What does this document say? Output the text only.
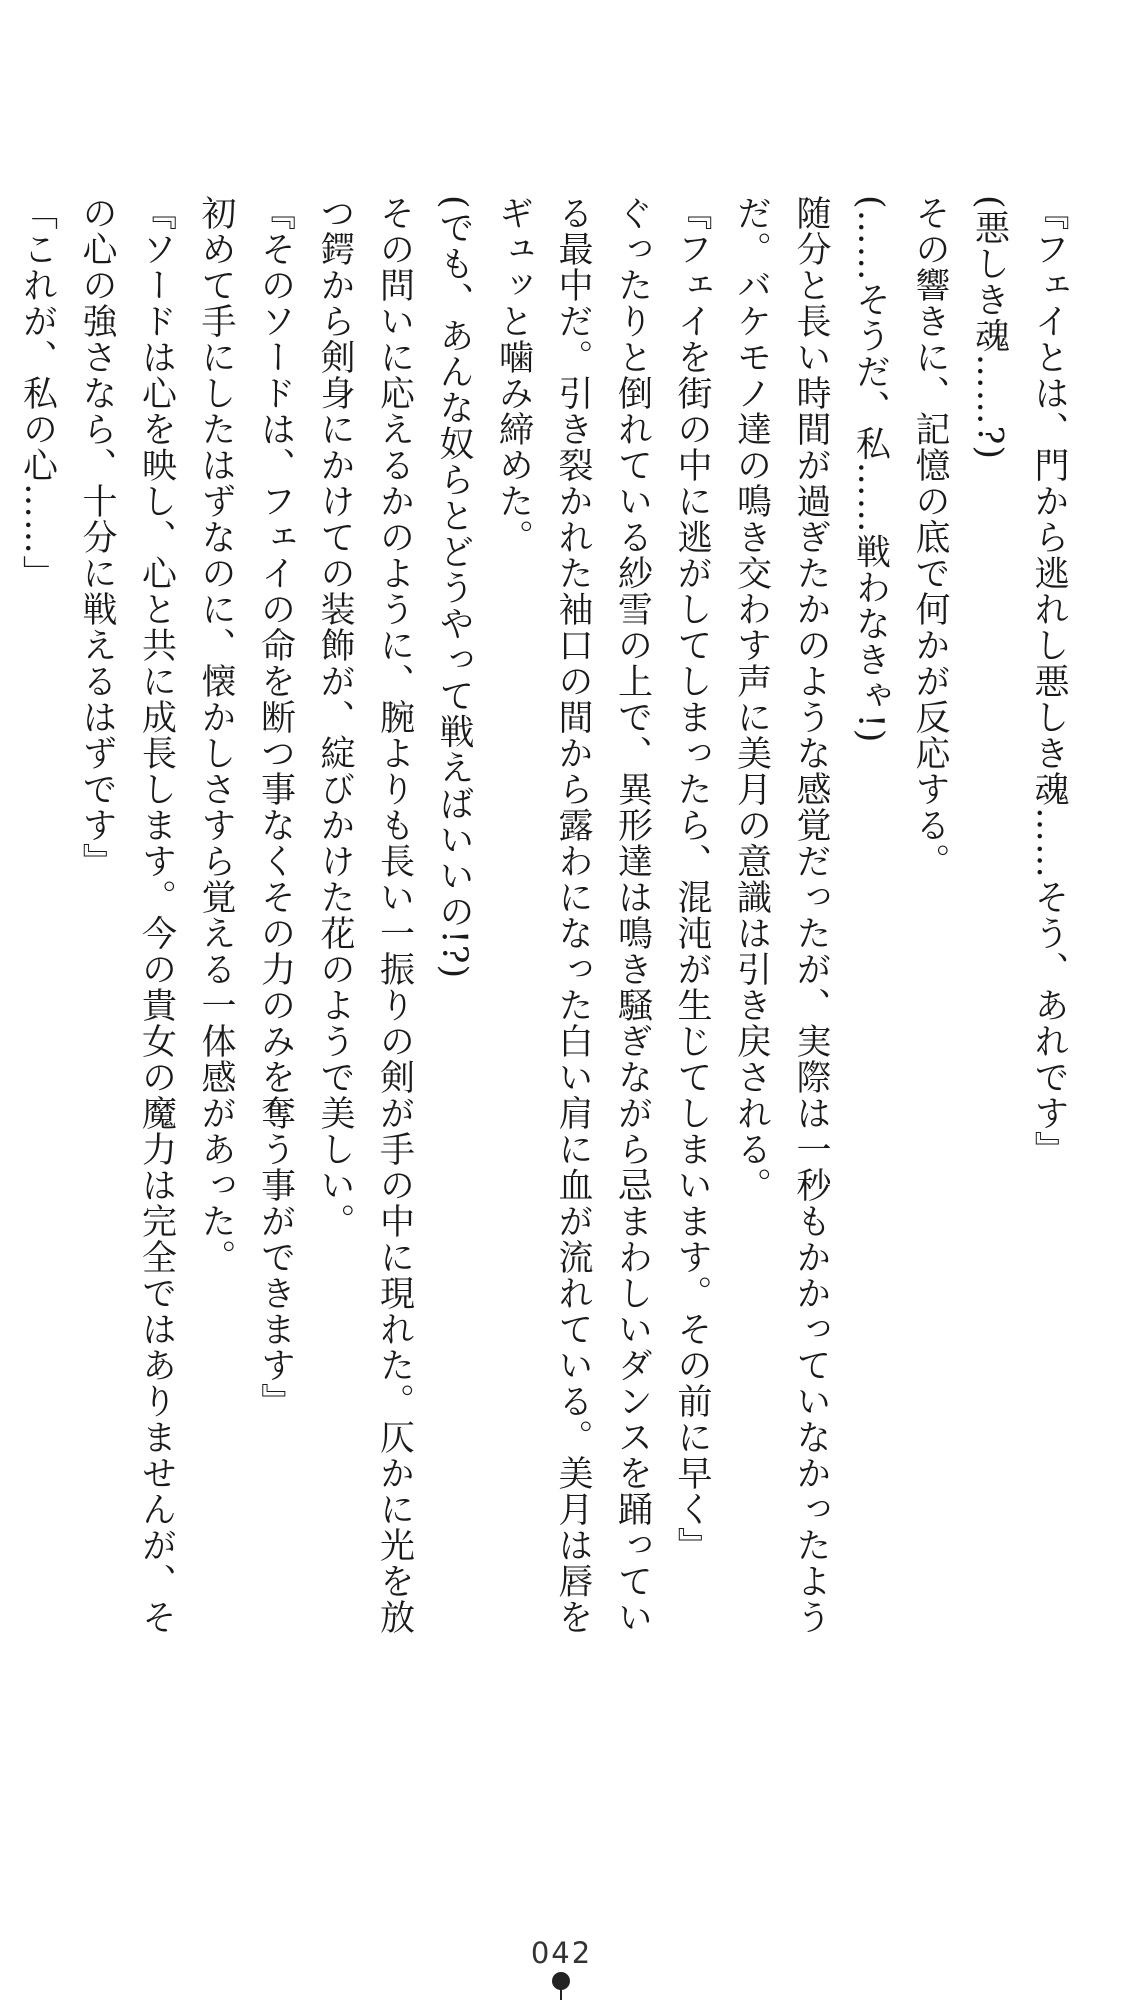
『フェイとは、門から逃れし悪しき魂……そう、あれです』

(悪しき魂……?)

その響きに、記憶の底で何かが反応する。

(……そうだ、私……戦わなきゃ!)

随分と長い時間が過ぎたかのような感覚だったが、実際は一秒もかかっていなかったようだ。バケモノ達の鳴き交わす声に美月の意識は引き戻される。

『フェイを街の中に逃がしてしまったら、混沌が生じてしまいます。その前に早く』

ぐったりと倒れている紗雪の上で、異形達は鳴き騒ぎながら忌まわしいダンスを踊っている最中だ。引き裂かれた袖口の間から露わになった白い肩に血が流れている。美月は唇をギュッと噛み締めた。

(でも、あんな奴らとどうやって戦えばいいの!?)

その問いに応えるかのように、腕よりも長い一振りの剣が手の中に現れた。仄かに光を放つ鍔から剣身にかけての装飾が、綻びかけた花のようで美しい。

『そのソードは、フェイの命を断つ事なくその力のみを奪う事ができます』

初めて手にしたはずなのに、懐かしさすら覚える一体感があった。

『ソードは心を映し、心と共に成長します。今の貴女の魔力は完全ではありませんが、その心の強さなら、十分に戦えるはずです』

「これが、私の心……」

042
